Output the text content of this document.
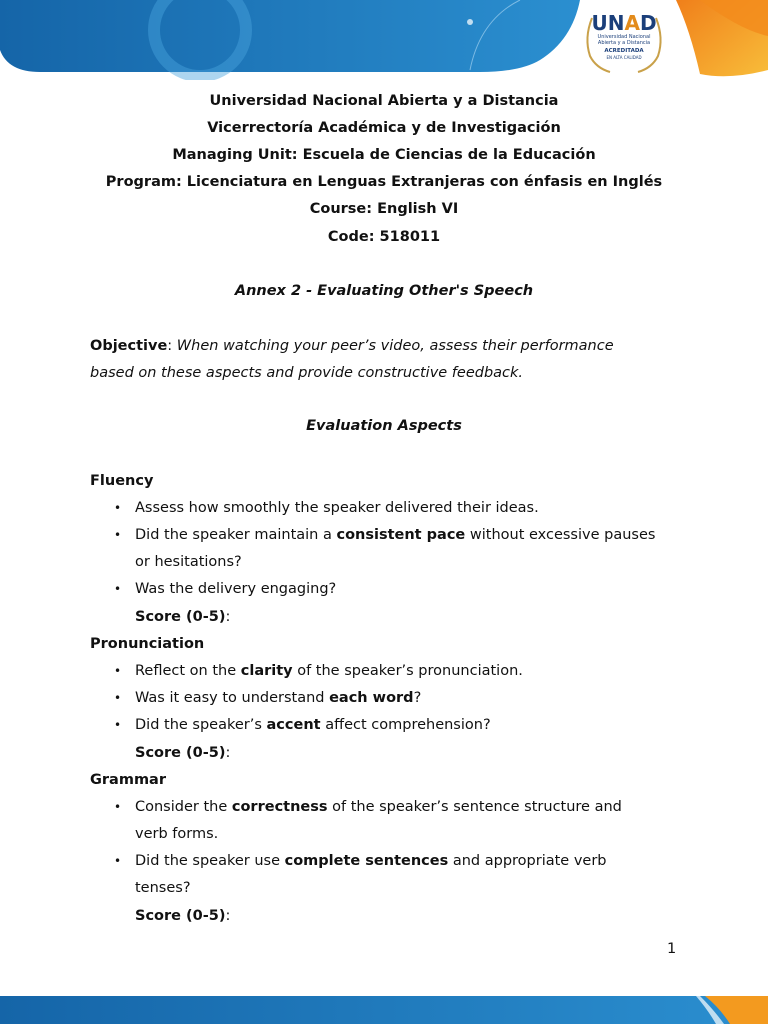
UNAD
Universidad Nacional
Abierta y a Distancia
ACREDITADA
EN ALTA CALIDAD
Universidad Nacional Abierta y a Distancia
Vicerrectoría Académica y de Investigación
Managing Unit: Escuela de Ciencias de la Educación
Program: Licenciatura en Lenguas Extranjeras con énfasis en Inglés
Course: English VI
Code: 518011
Annex 2 - Evaluating Other's Speech
Objective: When watching your peer’s video, assess their performance
based on these aspects and provide constructive feedback.
Evaluation Aspects
Fluency
• Assess how smoothly the speaker delivered their ideas.
• Did the speaker maintain a consistent pace without excessive pauses
or hesitations?
• Was the delivery engaging?
Score (0-5):
Pronunciation
• Reflect on the clarity of the speaker’s pronunciation.
• Was it easy to understand each word?
• Did the speaker’s accent affect comprehension?
Score (0-5):
Grammar
• Consider the correctness of the speaker’s sentence structure and
verb forms.
• Did the speaker use complete sentences and appropriate verb
tenses?
Score (0-5):
1
